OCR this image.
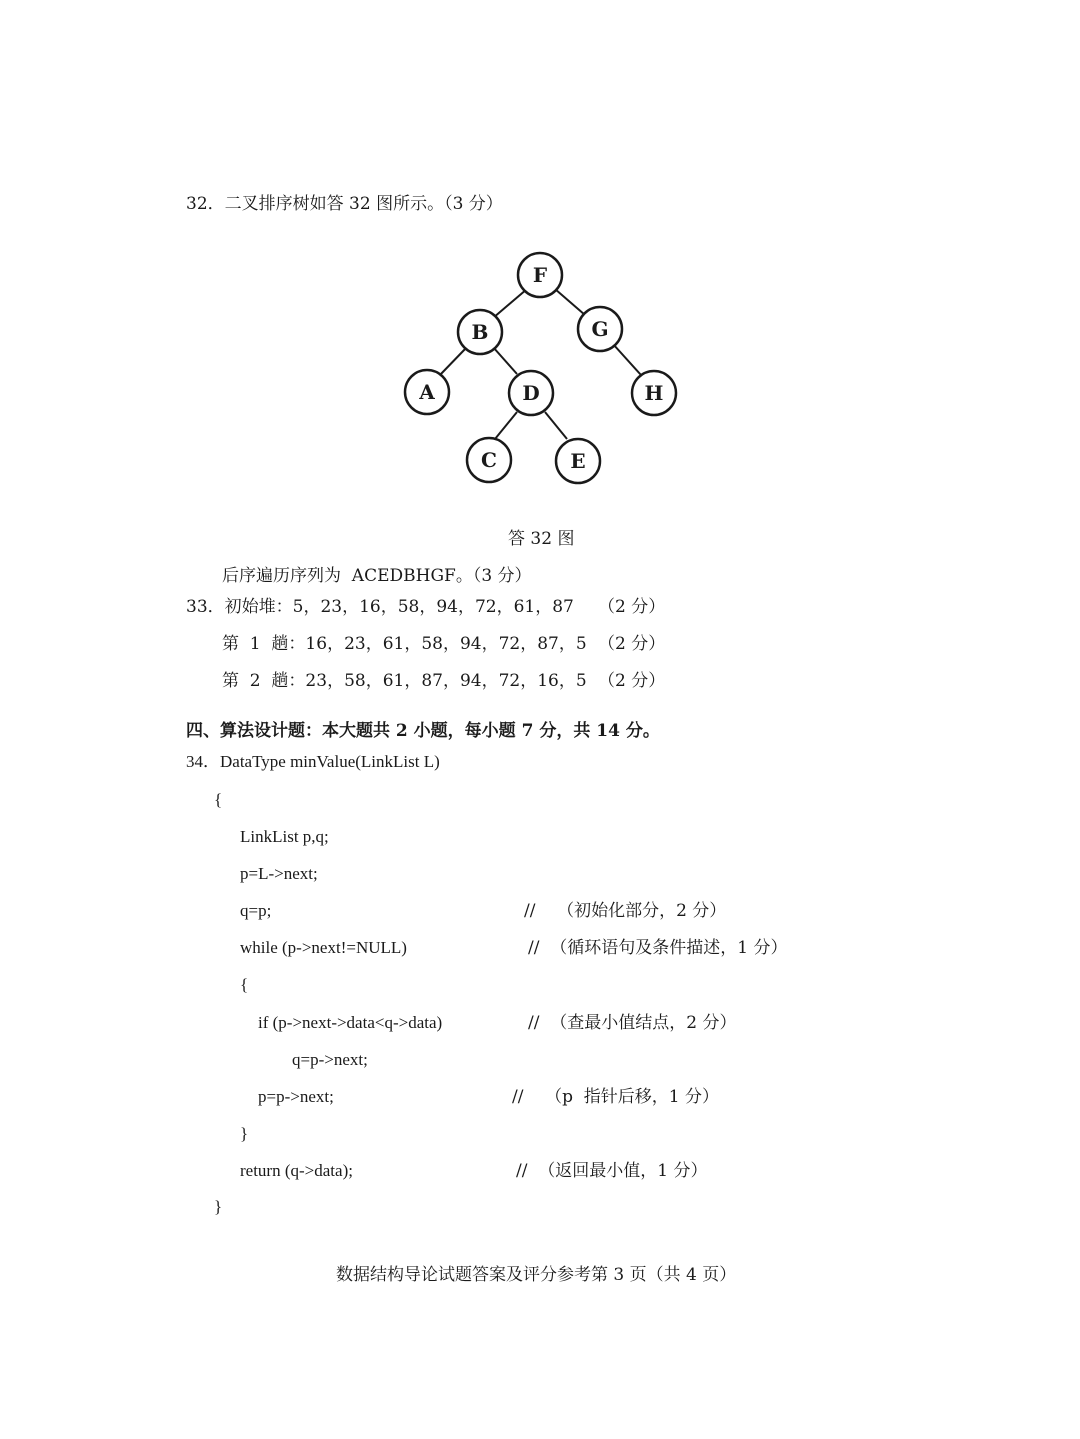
32．二叉排序树如答 32 图所示。（3 分）
F
B	G
A	D	H
C	E
答 32 图
后序遍历序列为  ACEDBHGF。（3 分）
33．初始堆：5，23，16，58，94，72，61，87 （2 分）
第  1  趟：16，23，61，58，94，72，87，5 （2 分）
第  2  趟：23，58，61，87，94，72，16，5 （2 分）
四、算法设计题：本大题共 2 小题，每小题 7 分，共 14 分。
34．DataType minValue(LinkList L)
{
LinkList p,q;
p=L->next;
q=p;	//    （初始化部分，2 分）
while (p->next!=NULL)	//  （循环语句及条件描述，1 分）
{
if (p->next->data<q->data)	//  （查最小值结点，2 分）
q=p->next;
p=p->next;	//    （p  指针后移，1 分）
}
return (q->data);	//  （返回最小值，1 分）
}
数据结构导论试题答案及评分参考第 3 页（共 4 页）
